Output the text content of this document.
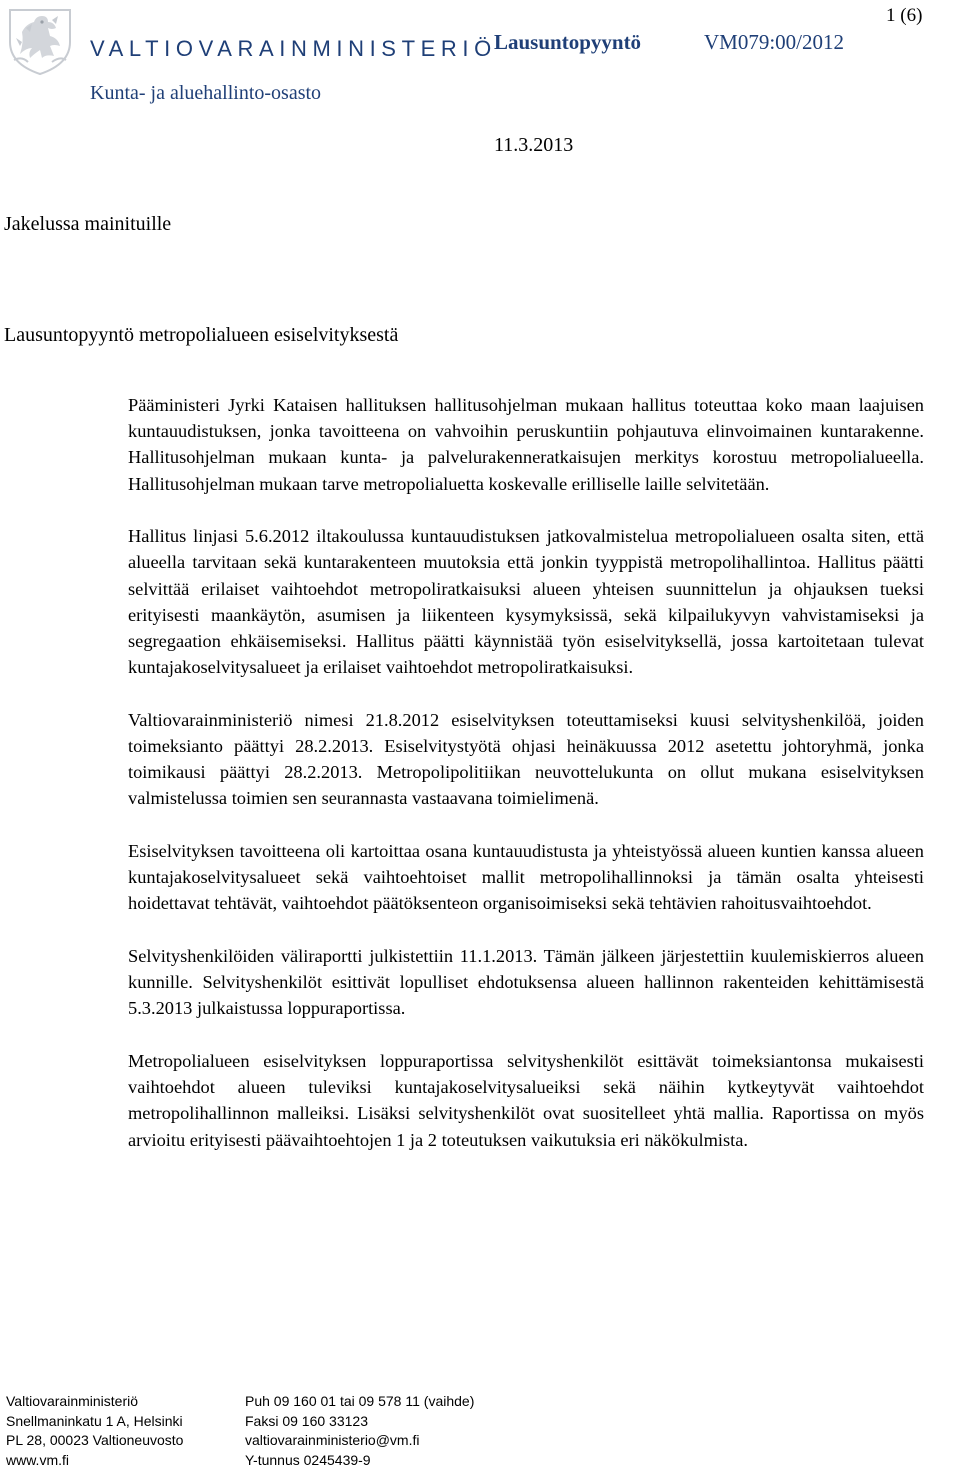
VALTIOVARAINMINISTERIÖ
Kunta- ja aluehallinto-osasto
Lausuntopyyntö	VM079:00/2012
1 (6)
11.3.2013
Jakelussa mainituille
Lausuntopyyntö metropolialueen esiselvityksestä

Pääministeri Jyrki Kataisen hallituksen hallitusohjelman mukaan hallitus toteuttaa koko maan laajuisen kuntauudistuksen, jonka tavoitteena on vahvoihin peruskuntiin pohjautuva elinvoimainen kuntarakenne. Hallitusohjelman mukaan kunta- ja palvelurakenneratkaisujen merkitys korostuu metropolialueella. Hallitusohjelman mukaan tarve metropolialuetta koskevalle erilliselle laille selvitetään.

Hallitus linjasi 5.6.2012 iltakoulussa kuntauudistuksen jatkovalmistelua metropolialueen osalta siten, että alueella tarvitaan sekä kuntarakenteen muutoksia että jonkin tyyppistä metropolihallintoa. Hallitus päätti selvittää erilaiset vaihtoehdot metropoliratkaisuksi alueen yhteisen suunnittelun ja ohjauksen tueksi erityisesti maankäytön, asumisen ja liikenteen kysymyksissä, sekä kilpailukyvyn vahvistamiseksi ja segregaation ehkäisemiseksi. Hallitus päätti käynnistää työn esiselvityksellä, jossa kartoitetaan tulevat kuntajakoselvitysalueet ja erilaiset vaihtoehdot metropoliratkaisuksi.

Valtiovarainministeriö nimesi 21.8.2012 esiselvityksen toteuttamiseksi kuusi selvityshenkilöä, joiden toimeksianto päättyi 28.2.2013. Esiselvitystyötä ohjasi heinäkuussa 2012 asetettu johtoryhmä, jonka toimikausi päättyi 28.2.2013. Metropolipolitiikan neuvottelukunta on ollut mukana esiselvityksen valmistelussa toimien sen seurannasta vastaavana toimielimenä.

Esiselvityksen tavoitteena oli kartoittaa osana kuntauudistusta ja yhteistyössä alueen kuntien kanssa alueen kuntajakoselvitysalueet sekä vaihtoehtoiset mallit metropolihallinnoksi ja tämän osalta yhteisesti hoidettavat tehtävät, vaihtoehdot päätöksenteon organisoimiseksi sekä tehtävien rahoitusvaihtoehdot.

Selvityshenkilöiden väliraportti julkistettiin 11.1.2013. Tämän jälkeen järjestettiin kuulemiskierros alueen kunnille. Selvityshenkilöt esittivät lopulliset ehdotuksensa alueen hallinnon rakenteiden kehittämisestä 5.3.2013 julkaistussa loppuraportissa.

Metropolialueen esiselvityksen loppuraportissa selvityshenkilöt esittävät toimeksiantonsa mukaisesti vaihtoehdot alueen tuleviksi kuntajakoselvitysalueiksi sekä näihin kytkeytyvät vaihtoehdot metropolihallinnon malleiksi. Lisäksi selvityshenkilöt ovat suositelleet yhtä mallia. Raportissa on myös arvioitu erityisesti päävaihtoehtojen 1 ja 2 toteutuksen vaikutuksia eri näkökulmista.

Valtiovarainministeriö
Snellmaninkatu 1 A, Helsinki
PL 28, 00023 Valtioneuvosto
www.vm.fi
Puh 09 160 01 tai 09 578 11 (vaihde)
Faksi 09 160 33123
valtiovarainministerio@vm.fi
Y-tunnus 0245439-9
